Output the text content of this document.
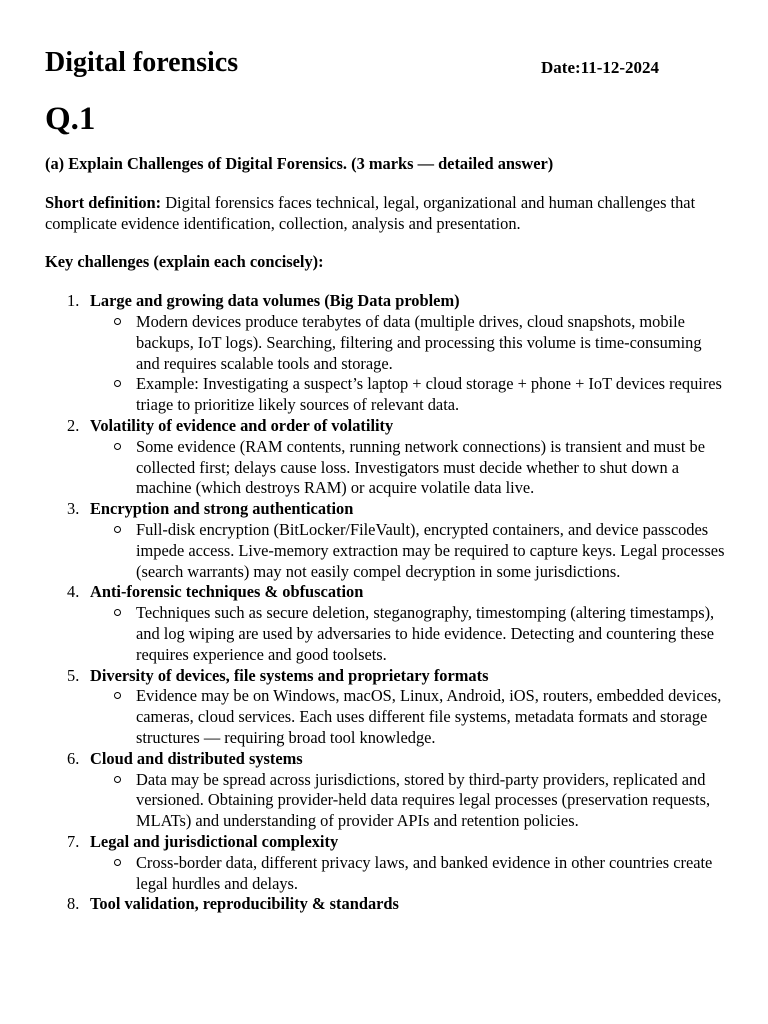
Digital forensics	Date:11-12-2024
Q.1

(a) Explain Challenges of Digital Forensics. (3 marks — detailed answer)

Short definition: Digital forensics faces technical, legal, organizational and human challenges that complicate evidence identification, collection, analysis and presentation.

Key challenges (explain each concisely):

1. Large and growing data volumes (Big Data problem)
Modern devices produce terabytes of data (multiple drives, cloud snapshots, mobile backups, IoT logs). Searching, filtering and processing this volume is time-consuming and requires scalable tools and storage.
Example: Investigating a suspect’s laptop + cloud storage + phone + IoT devices requires triage to prioritize likely sources of relevant data.
2. Volatility of evidence and order of volatility
Some evidence (RAM contents, running network connections) is transient and must be collected first; delays cause loss. Investigators must decide whether to shut down a machine (which destroys RAM) or acquire volatile data live.
3. Encryption and strong authentication
Full-disk encryption (BitLocker/FileVault), encrypted containers, and device passcodes impede access. Live-memory extraction may be required to capture keys. Legal processes (search warrants) may not easily compel decryption in some jurisdictions.
4. Anti-forensic techniques & obfuscation
Techniques such as secure deletion, steganography, timestomping (altering timestamps), and log wiping are used by adversaries to hide evidence. Detecting and countering these requires experience and good toolsets.
5. Diversity of devices, file systems and proprietary formats
Evidence may be on Windows, macOS, Linux, Android, iOS, routers, embedded devices, cameras, cloud services. Each uses different file systems, metadata formats and storage structures — requiring broad tool knowledge.
6. Cloud and distributed systems
Data may be spread across jurisdictions, stored by third-party providers, replicated and versioned. Obtaining provider-held data requires legal processes (preservation requests, MLATs) and understanding of provider APIs and retention policies.
7. Legal and jurisdictional complexity
Cross-border data, different privacy laws, and banked evidence in other countries create legal hurdles and delays.
8. Tool validation, reproducibility & standards
